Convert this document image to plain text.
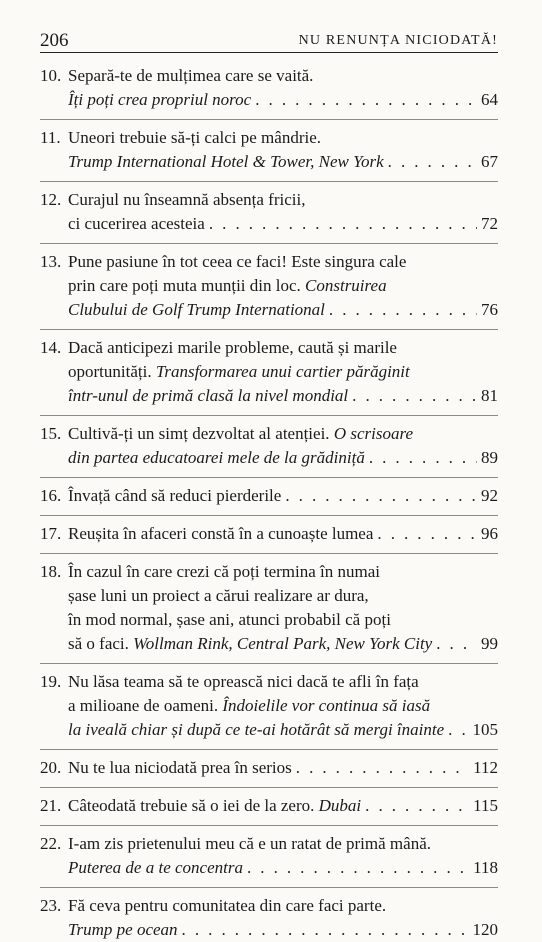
206	NU RENUNȚA NICIODATĂ!
10. Separă-te de mulțimea care se vaită.
Îți poți crea propriul noroc . . .	64
11. Uneori trebuie să-ți calci pe mândrie.
Trump International Hotel & Tower, New York . . .	67
12. Curajul nu înseamnă absența fricii,
ci cucerirea acesteia . . .	72
13. Pune pasiune în tot ceea ce faci! Este singura cale
prin care poți muta munții din loc.
Construirea
Clubului de Golf Trump International . . .	76
14. Dacă anticipezi marile probleme, caută și marile
oportunități.
Transformarea unui cartier părăginit
într-unul de primă clasă la nivel mondial . . .	81
15. Cultivă-ți un simț dezvoltat al atenției.
O scrisoare
din partea educatoarei mele de la grădiniță . . .	89
16. Învață când să reduci pierderile . . .	92
17. Reușita în afaceri constă în a cunoaște lumea . . .	96
18. În cazul în care crezi că poți termina în numai
șase luni un proiect a cărui realizare ar dura,
în mod normal, șase ani, atunci probabil că poți
să o faci.
Wollman Rink, Central Park, New York City . . .	99
19. Nu lăsa teama să te oprească nici dacă te afli în fața
a milioane de oameni.
Îndoielile vor continua să iasă
la iveală chiar și după ce te-ai hotărât să mergi înainte . . . 105
20. Nu te lua niciodată prea în serios . . .	112
21. Câteodată trebuie să o iei de la zero.
Dubai . . .	115
22. I-am zis prietenului meu că e un ratat de primă mână.
Puterea de a te concentra . . .	118
23. Fă ceva pentru comunitatea din care faci parte.
Trump pe ocean . . .	120
